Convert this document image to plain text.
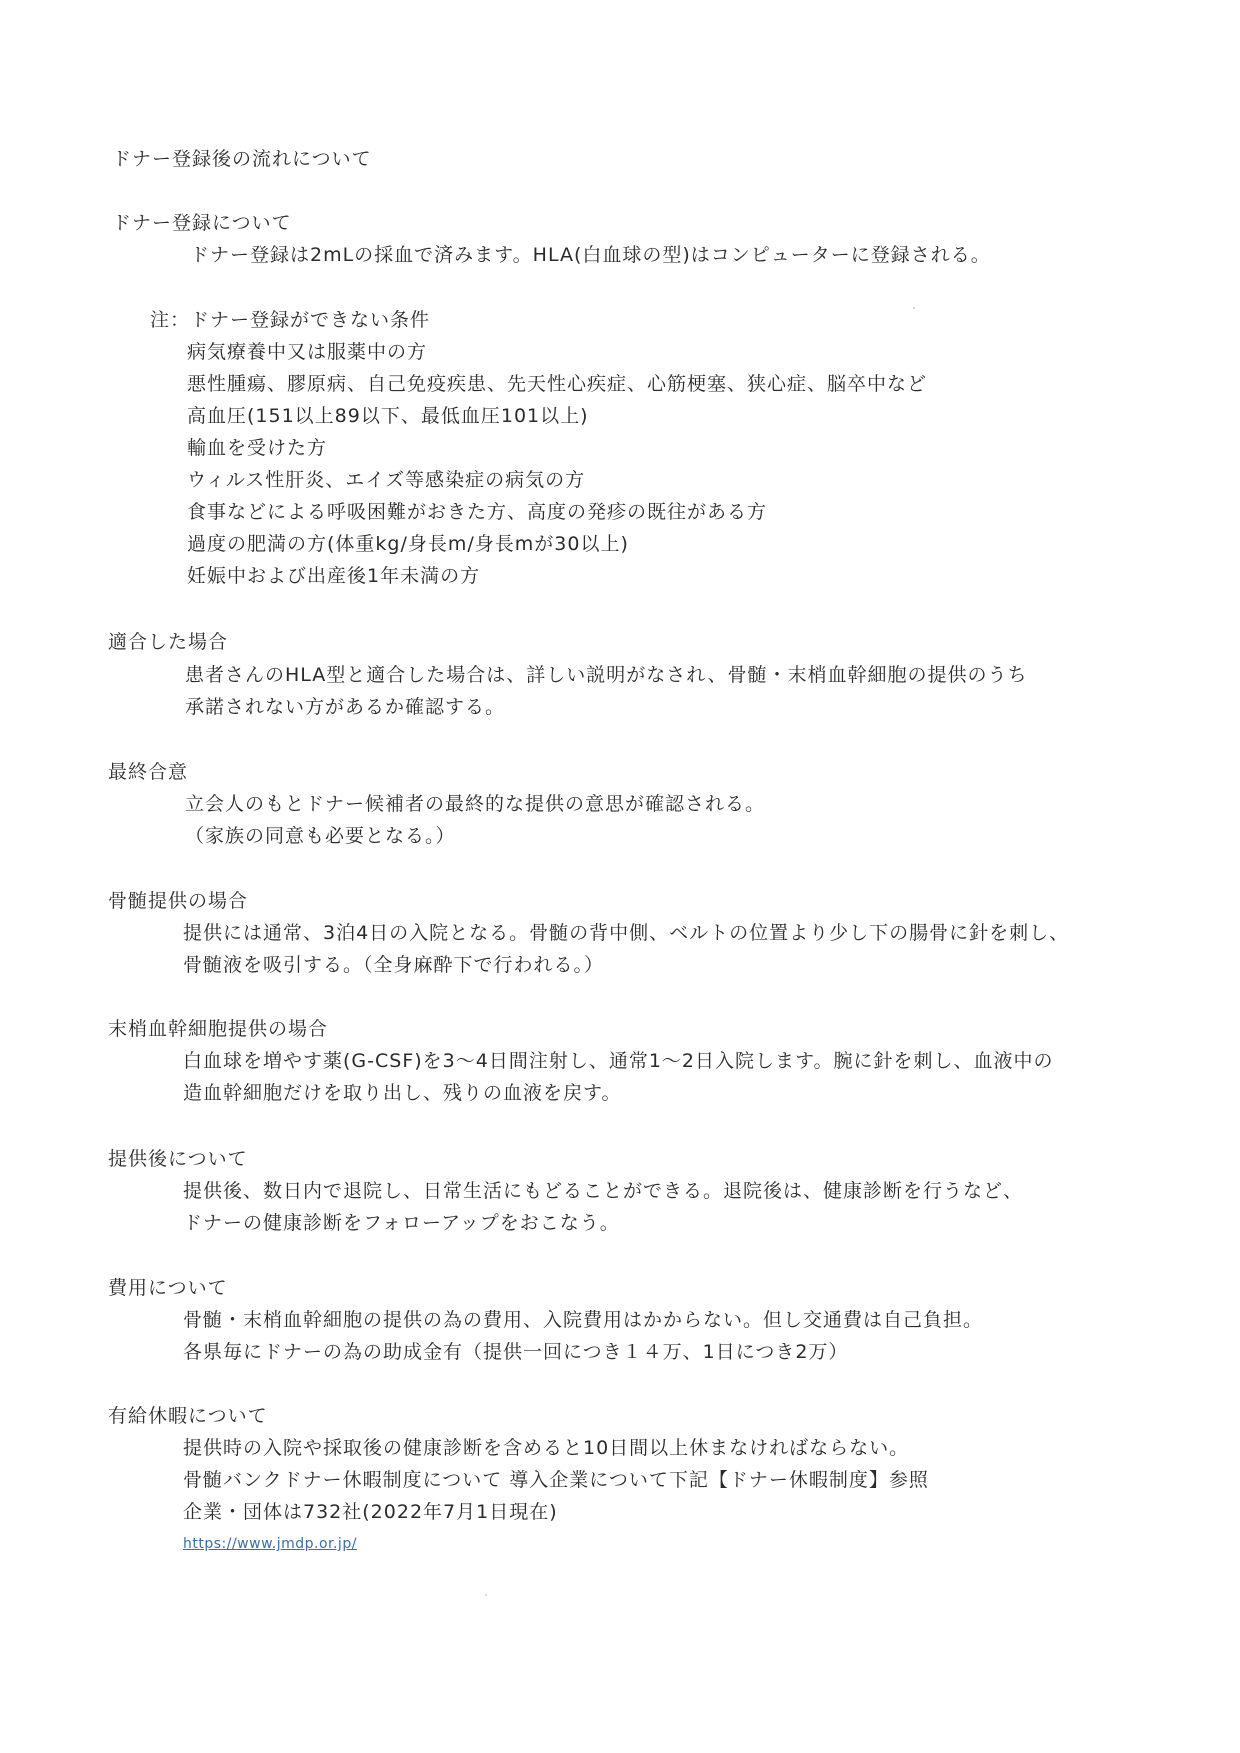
ドナー登録後の流れについて
ドナー登録について
ドナー登録は2mLの採血で済みます。HLA(白血球の型)はコンピューターに登録される。
注：ドナー登録ができない条件
病気療養中又は服薬中の方
悪性腫瘍、膠原病、自己免疫疾患、先天性心疾症、心筋梗塞、狭心症、脳卒中など
高血圧(151以上89以下、最低血圧101以上)
輸血を受けた方
ウィルス性肝炎、エイズ等感染症の病気の方
食事などによる呼吸困難がおきた方、高度の発疹の既往がある方
過度の肥満の方(体重kg/身長m/身長mが30以上)
妊娠中および出産後1年未満の方
適合した場合
患者さんのHLA型と適合した場合は、詳しい説明がなされ、骨髄・末梢血幹細胞の提供のうち
承諾されない方があるか確認する。
最終合意
立会人のもとドナー候補者の最終的な提供の意思が確認される。
（家族の同意も必要となる。）
骨髄提供の場合
提供には通常、3泊4日の入院となる。骨髄の背中側、ベルトの位置より少し下の腸骨に針を刺し、
骨髄液を吸引する。（全身麻酔下で行われる。）
末梢血幹細胞提供の場合
白血球を増やす薬(G-CSF)を3～4日間注射し、通常1～2日入院します。腕に針を刺し、血液中の
造血幹細胞だけを取り出し、残りの血液を戻す。
提供後について
提供後、数日内で退院し、日常生活にもどることができる。退院後は、健康診断を行うなど、
ドナーの健康診断をフォローアップをおこなう。
費用について
骨髄・末梢血幹細胞の提供の為の費用、入院費用はかからない。但し交通費は自己負担。
各県毎にドナーの為の助成金有（提供一回につき１４万、1日につき2万）
有給休暇について
提供時の入院や採取後の健康診断を含めると10日間以上休まなければならない。
骨髄バンクドナー休暇制度について 導入企業について下記【ドナー休暇制度】参照
企業・団体は732社(2022年7月1日現在)
https://www.jmdp.or.jp/
